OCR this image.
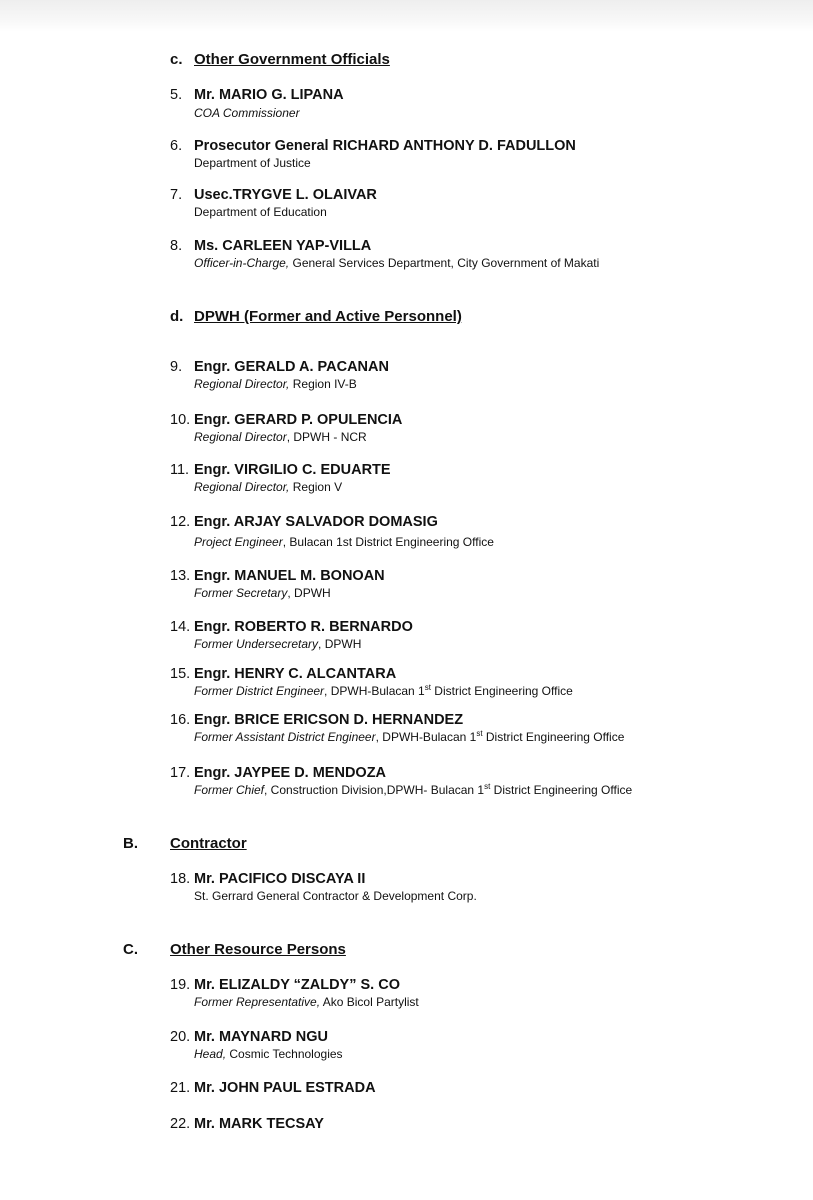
c. Other Government Officials
5. Mr. MARIO G. LIPANA
COA Commissioner
6. Prosecutor General RICHARD ANTHONY D. FADULLON
Department of Justice
7. Usec.TRYGVE L. OLAIVAR
Department of Education
8. Ms. CARLEEN YAP-VILLA
Officer-in-Charge, General Services Department, City Government of Makati
d. DPWH (Former and Active Personnel)
9. Engr. GERALD A. PACANAN
Regional Director, Region IV-B
10. Engr. GERARD P. OPULENCIA
Regional Director, DPWH - NCR
11. Engr. VIRGILIO C. EDUARTE
Regional Director, Region V
12. Engr. ARJAY SALVADOR DOMASIG
Project Engineer, Bulacan 1st District Engineering Office
13. Engr. MANUEL M. BONOAN
Former Secretary, DPWH
14. Engr. ROBERTO R. BERNARDO
Former Undersecretary, DPWH
15. Engr. HENRY C. ALCANTARA
Former District Engineer, DPWH-Bulacan 1st District Engineering Office
16. Engr. BRICE ERICSON D. HERNANDEZ
Former Assistant District Engineer, DPWH-Bulacan 1st District Engineering Office
17. Engr. JAYPEE D. MENDOZA
Former Chief, Construction Division,DPWH- Bulacan 1st District Engineering Office
B. Contractor
18. Mr. PACIFICO DISCAYA II
St. Gerrard General Contractor & Development Corp.
C. Other Resource Persons
19. Mr. ELIZALDY “ZALDY” S. CO
Former Representative, Ako Bicol Partylist
20. Mr. MAYNARD NGU
Head, Cosmic Technologies
21. Mr. JOHN PAUL ESTRADA
22. Mr. MARK TECSAY
